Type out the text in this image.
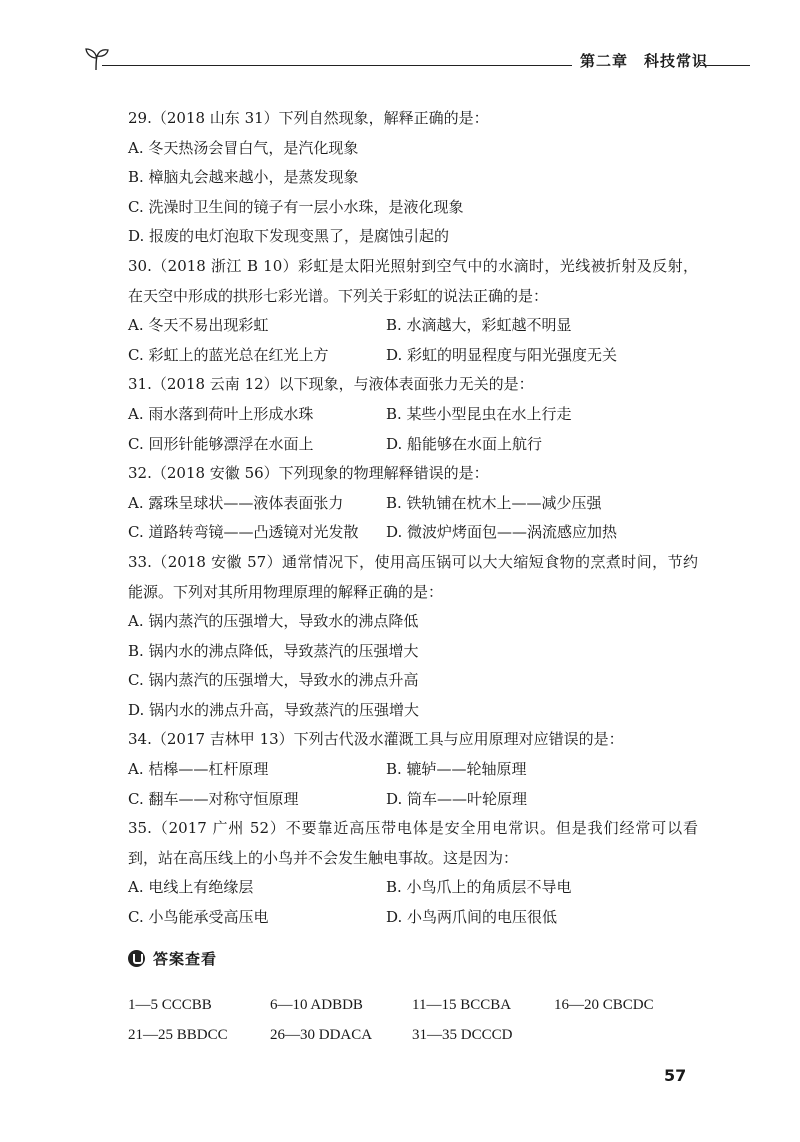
第二章　科技常识
29.（2018 山东 31）下列自然现象，解释正确的是：
A. 冬天热汤会冒白气，是汽化现象
B. 樟脑丸会越来越小，是蒸发现象
C. 洗澡时卫生间的镜子有一层小水珠，是液化现象
D. 报废的电灯泡取下发现变黑了，是腐蚀引起的
30.（2018 浙江 B 10）彩虹是太阳光照射到空气中的水滴时，光线被折射及反射，在天空中形成的拱形七彩光谱。下列关于彩虹的说法正确的是：
A. 冬天不易出现彩虹	B. 水滴越大，彩虹越不明显
C. 彩虹上的蓝光总在红光上方	D. 彩虹的明显程度与阳光强度无关
31.（2018 云南 12）以下现象，与液体表面张力无关的是：
A. 雨水落到荷叶上形成水珠	B. 某些小型昆虫在水上行走
C. 回形针能够漂浮在水面上	D. 船能够在水面上航行
32.（2018 安徽 56）下列现象的物理解释错误的是：
A. 露珠呈球状——液体表面张力	B. 铁轨铺在枕木上——减少压强
C. 道路转弯镜——凸透镜对光发散	D. 微波炉烤面包——涡流感应加热
33.（2018 安徽 57）通常情况下，使用高压锅可以大大缩短食物的烹煮时间，节约能源。下列对其所用物理原理的解释正确的是：
A. 锅内蒸汽的压强增大，导致水的沸点降低
B. 锅内水的沸点降低，导致蒸汽的压强增大
C. 锅内蒸汽的压强增大，导致水的沸点升高
D. 锅内水的沸点升高，导致蒸汽的压强增大
34.（2017 吉林甲 13）下列古代汲水灌溉工具与应用原理对应错误的是：
A. 桔槔——杠杆原理	B. 辘轳——轮轴原理
C. 翻车——对称守恒原理	D. 筒车——叶轮原理
35.（2017 广州 52）不要靠近高压带电体是安全用电常识。但是我们经常可以看到，站在高压线上的小鸟并不会发生触电事故。这是因为：
A. 电线上有绝缘层	B. 小鸟爪上的角质层不导电
C. 小鸟能承受高压电	D. 小鸟两爪间的电压很低
答案查看
1—5 CCCBB	6—10 ADBDB	11—15 BCCBA	16—20 CBCDC
21—25 BBDCC	26—30 DDACA	31—35 DCCCD
57
